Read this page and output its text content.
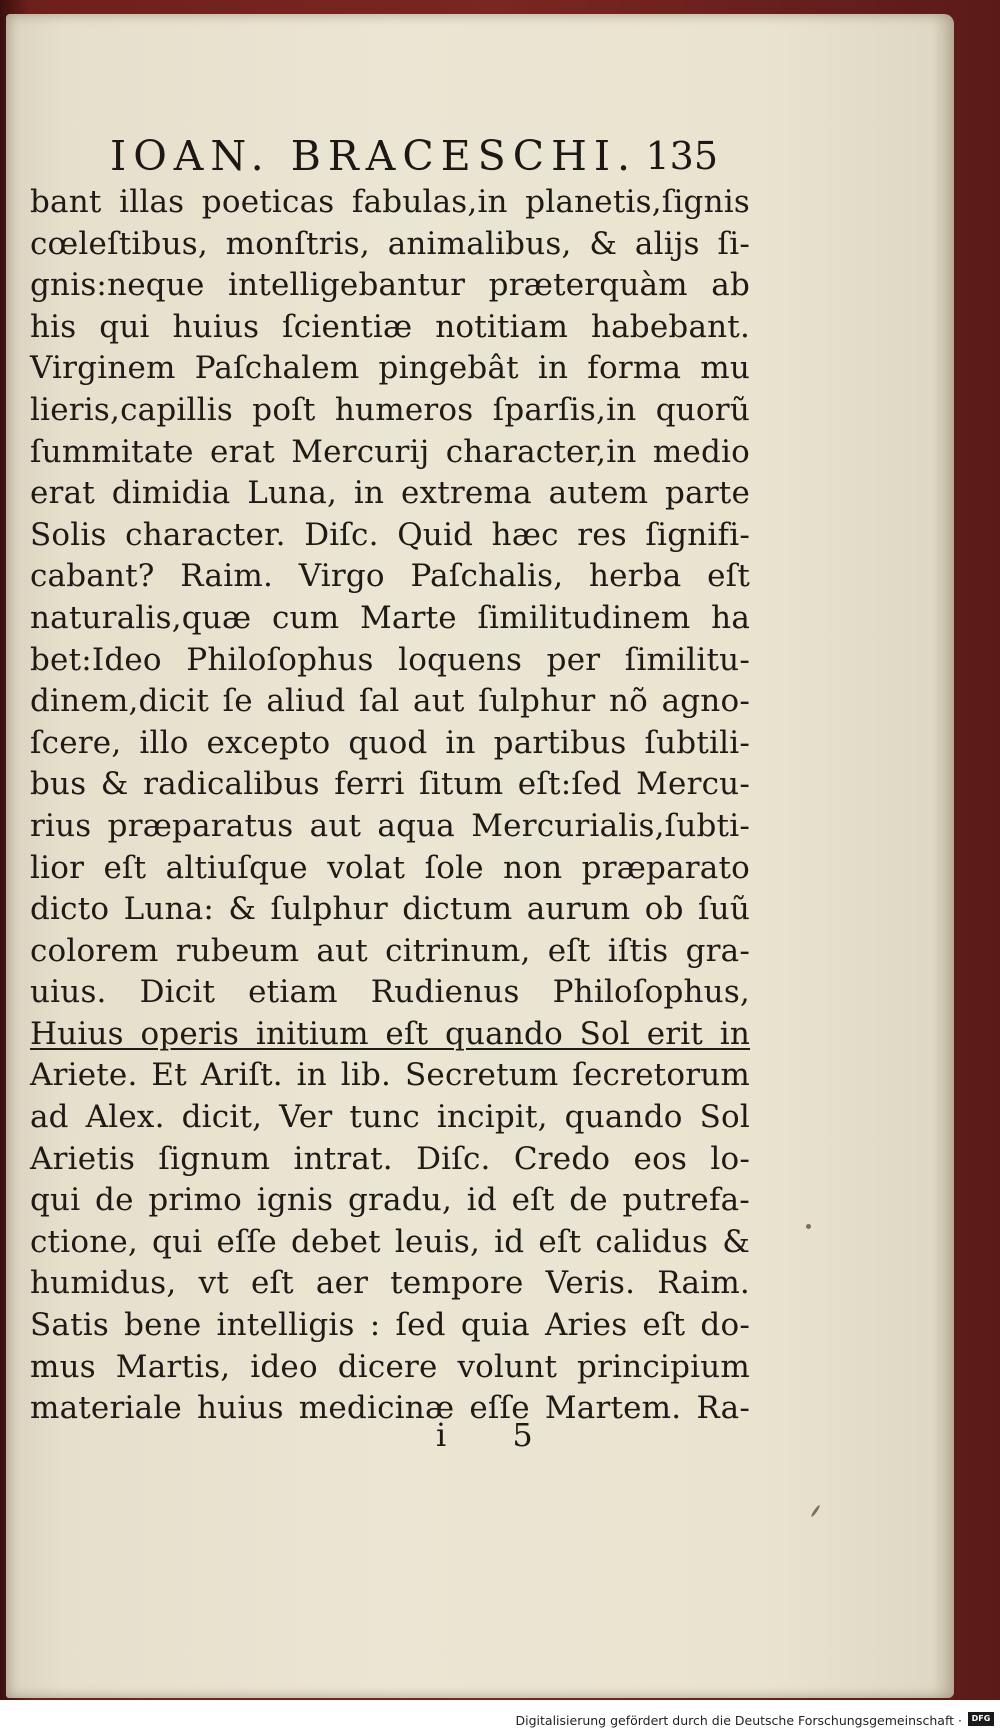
IOAN. BRACESCHI. 135
bant illas poeticas fabulas,in planetis,ſignis
cœleſtibus, monſtris, animalibus, & alijs ſi-
gnis:neque intelligebantur præterquàm ab
his qui huius ſcientiæ notitiam habebant.
Virginem Paſchalem pingebât in forma mu
lieris,capillis poſt humeros ſparſis,in quorũ
ſummitate erat Mercurij character,in medio
erat dimidia Luna, in extrema autem parte
Solis character. Diſc. Quid hæc res ſignifi-
cabant? Raim. Virgo Paſchalis, herba eſt
naturalis,quæ cum Marte ſimilitudinem ha
bet:Ideo Philoſophus loquens per ſimilitu-
dinem,dicit ſe aliud ſal aut ſulphur nõ agno-
ſcere, illo excepto quod in partibus ſubtili-
bus & radicalibus ferri ſitum eſt:ſed Mercu-
rius præparatus aut aqua Mercurialis,ſubti-
lior eſt altiuſque volat ſole non præparato
dicto Luna: & ſulphur dictum aurum ob ſuũ
colorem rubeum aut citrinum, eſt iſtis gra-
uius. Dicit etiam Rudienus Philoſophus,
Huius operis initium eſt quando Sol erit in
Ariete. Et Ariſt. in lib. Secretum ſecretorum
ad Alex. dicit, Ver tunc incipit, quando Sol
Arietis ſignum intrat. Diſc. Credo eos lo-
qui de primo ignis gradu, id eſt de putrefa-
ctione, qui eſſe debet leuis, id eſt calidus &
humidus, vt eſt aer tempore Veris. Raim.
Satis bene intelligis : ſed quia Aries eſt do-
mus Martis, ideo dicere volunt principium
materiale huius medicinæ eſſe Martem. Ra-
i 5
Digitalisierung gefördert durch die Deutsche Forschungsgemeinschaft ·	DFG
